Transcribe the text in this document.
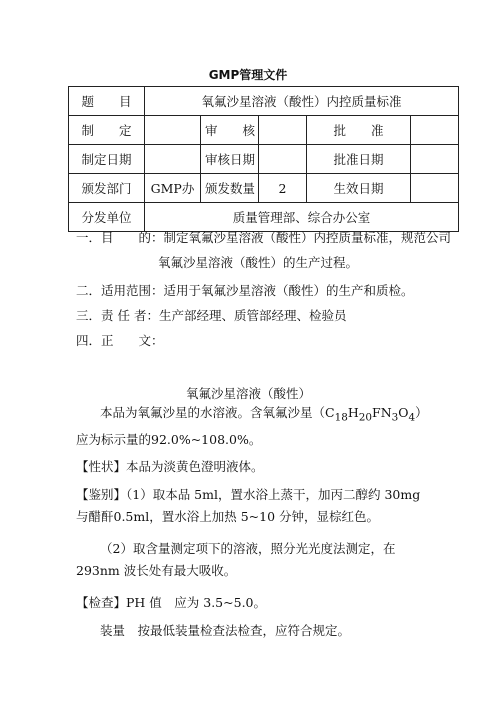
GMP管理文件
题　　目	氧氟沙星溶液（酸性）内控质量标准				
制　　定		审　　核		批　　准	
制定日期		审核日期		批准日期	
颁发部门	GMP办	颁发数量	2	生效日期	
分发单位	质量管理部、综合办公室				
一．目　　的：制定氧氟沙星溶液（酸性）内控质量标准，规范公司
氧氟沙星溶液（酸性）的生产过程。
二．适用范围：适用于氧氟沙星溶液（酸性）的生产和质检。
三．责 任 者：生产部经理、质管部经理、检验员
四．正　　文：
氧氟沙星溶液（酸性）
本品为氧氟沙星的水溶液。含氧氟沙星$(C_{18}H_{20}FN_3O_4)$应为标示量的92.0%~108.0%。
【性状】本品为淡黄色澄明液体。
【鉴别】（1）取本品 5ml，置水浴上蒸干，加丙二醇约 30mg 与醋酐0.5ml，置水浴上加热 5~10 分钟，显棕红色。
（2）取含量测定项下的溶液，照分光光度法测定，在 293nm 波长处有最大吸收。
【检查】PH 值　应为 3.5~5.0。
装量　按最低装量检查法检查，应符合规定。
